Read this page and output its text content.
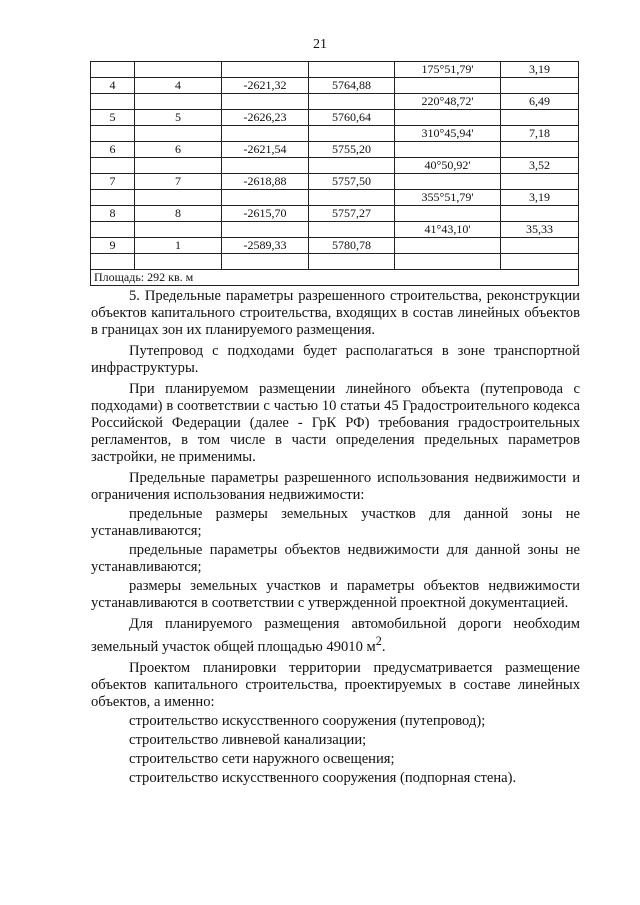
21
				175°51,79'	3,19
4	4	-2621,32	5764,88		
				220°48,72'	6,49
5	5	-2626,23	5760,64		
				310°45,94'	7,18
6	6	-2621,54	5755,20		
				40°50,92'	3,52
7	7	-2618,88	5757,50		
				355°51,79'	3,19
8	8	-2615,70	5757,27		
				41°43,10'	35,33
9	1	-2589,33	5780,78		

Площадь: 292 кв. м					

5. Предельные параметры разрешенного строительства, реконструкции объектов капитального строительства, входящих в состав линейных объектов в границах зон их планируемого размещения.

Путепровод с подходами будет располагаться в зоне транспортной инфраструктуры.

При планируемом размещении линейного объекта (путепровода с подходами) в соответствии с частью 10 статьи 45 Градостроительного кодекса Российской Федерации (далее - ГрК РФ) требования градостроительных регламентов, в том числе в части определения предельных параметров застройки, не применимы.

Предельные параметры разрешенного использования недвижимости и ограничения использования недвижимости:

предельные размеры земельных участков для данной зоны не устанавливаются;

предельные параметры объектов недвижимости для данной зоны не устанавливаются;

размеры земельных участков и параметры объектов недвижимости устанавливаются в соответствии с утвержденной проектной документацией.

Для планируемого размещения автомобильной дороги необходим земельный участок общей площадью 49010 $м^2$.

Проектом планировки территории предусматривается размещение объектов капитального строительства, проектируемых в составе линейных объектов, а именно:

строительство искусственного сооружения (путепровод);

строительство ливневой канализации;

строительство сети наружного освещения;

строительство искусственного сооружения (подпорная стена).
